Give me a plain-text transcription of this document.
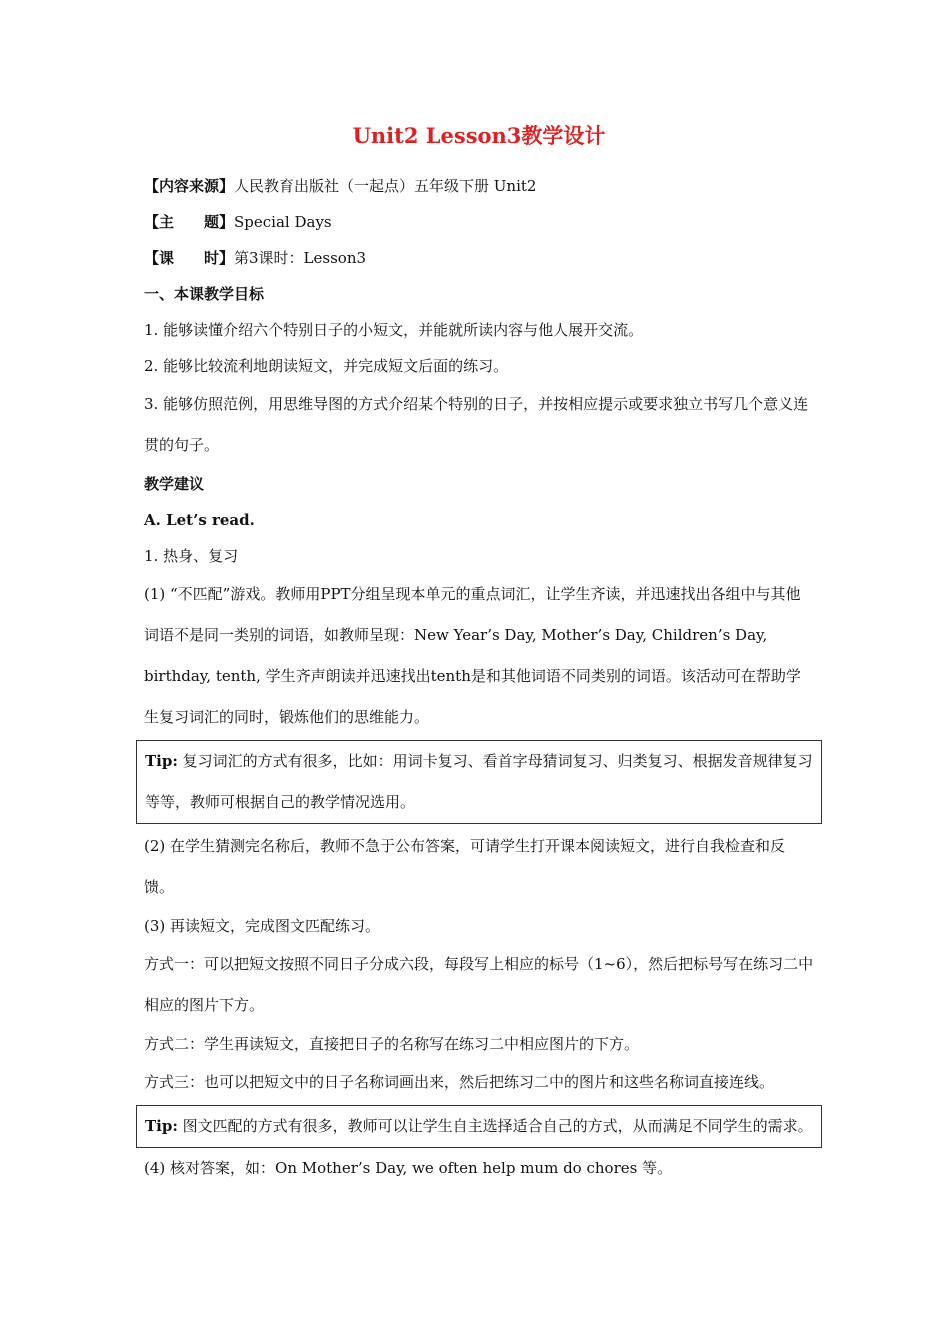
Unit2 Lesson3教学设计

【内容来源】人民教育出版社（一起点）五年级下册 Unit2

【主　　题】Special Days

【课　　时】第3课时：Lesson3

一、本课教学目标

1. 能够读懂介绍六个特别日子的小短文，并能就所读内容与他人展开交流。

2. 能够比较流利地朗读短文，并完成短文后面的练习。

3. 能够仿照范例，用思维导图的方式介绍某个特别的日子，并按相应提示或要求独立书写几个意义连贯的句子。

教学建议

A. Let’s read.

1. 热身、复习

(1) “不匹配”游戏。教师用PPT分组呈现本单元的重点词汇，让学生齐读，并迅速找出各组中与其他词语不是同一类别的词语，如教师呈现：New Year’s Day, Mother’s Day, Children’s Day, birthday, tenth, 学生齐声朗读并迅速找出tenth是和其他词语不同类别的词语。该活动可在帮助学生复习词汇的同时，锻炼他们的思维能力。

Tip: 复习词汇的方式有很多，比如：用词卡复习、看首字母猜词复习、归类复习、根据发音规律复习等等，教师可根据自己的教学情况选用。

(2) 在学生猜测完名称后，教师不急于公布答案，可请学生打开课本阅读短文，进行自我检查和反馈。

(3) 再读短文，完成图文匹配练习。

方式一：可以把短文按照不同日子分成六段，每段写上相应的标号（1~6），然后把标号写在练习二中相应的图片下方。

方式二：学生再读短文，直接把日子的名称写在练习二中相应图片的下方。

方式三：也可以把短文中的日子名称词画出来，然后把练习二中的图片和这些名称词直接连线。

Tip: 图文匹配的方式有很多，教师可以让学生自主选择适合自己的方式，从而满足不同学生的需求。

(4) 核对答案，如：On Mother’s Day, we often help mum do chores 等。
